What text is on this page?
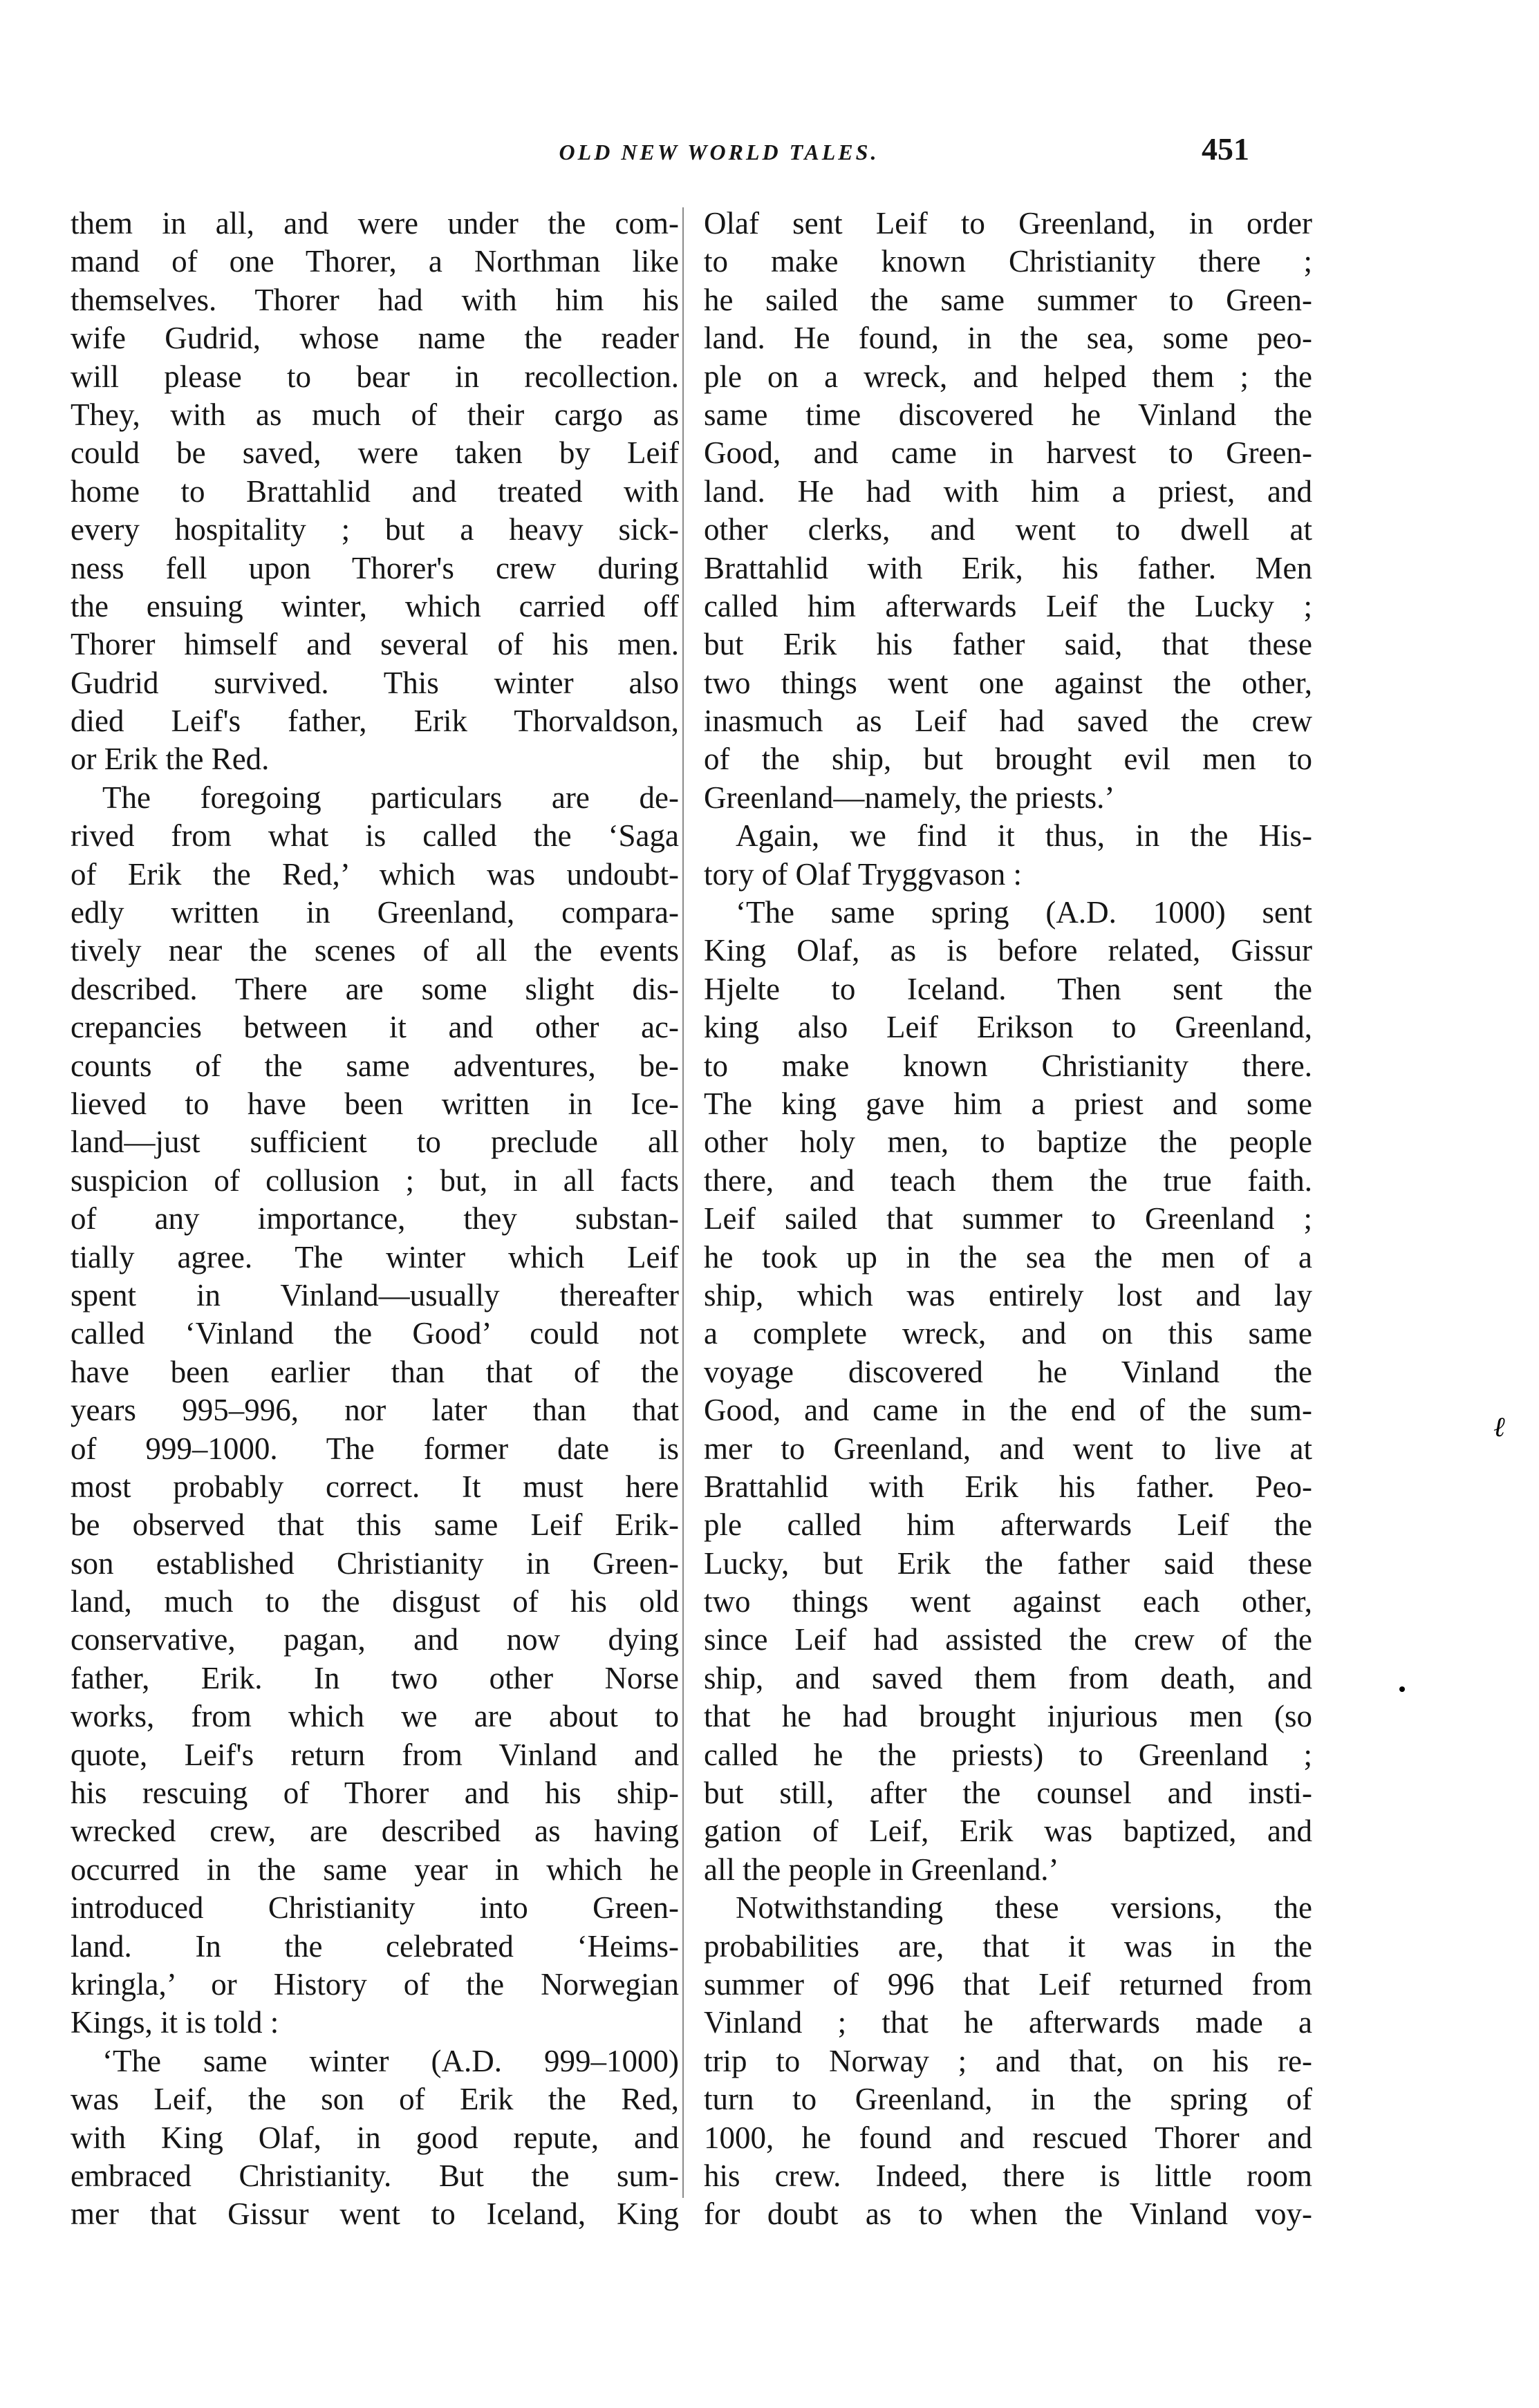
OLD NEW WORLD TALES.	451
them in all, and were under the com-
mand of one Thorer, a Northman like
themselves. Thorer had with him his
wife Gudrid, whose name the reader
will please to bear in recollection.
They, with as much of their cargo as
could be saved, were taken by Leif
home to Brattahlid and treated with
every hospitality ; but a heavy sick-
ness fell upon Thorer's crew during
the ensuing winter, which carried off
Thorer himself and several of his men.
Gudrid survived. This winter also
died Leif's father, Erik Thorvaldson,
or Erik the Red.
The foregoing particulars are de-
rived from what is called the ‘Saga
of Erik the Red,’ which was undoubt-
edly written in Greenland, compara-
tively near the scenes of all the events
described. There are some slight dis-
crepancies between it and other ac-
counts of the same adventures, be-
lieved to have been written in Ice-
land—just sufficient to preclude all
suspicion of collusion ; but, in all facts
of any importance, they substan-
tially agree. The winter which Leif
spent in Vinland—usually thereafter
called ‘Vinland the Good’ could not
have been earlier than that of the
years 995–996, nor later than that
of 999–1000. The former date is
most probably correct. It must here
be observed that this same Leif Erik-
son established Christianity in Green-
land, much to the disgust of his old
conservative, pagan, and now dying
father, Erik. In two other Norse
works, from which we are about to
quote, Leif's return from Vinland and
his rescuing of Thorer and his ship-
wrecked crew, are described as having
occurred in the same year in which he
introduced Christianity into Green-
land. In the celebrated ‘Heims-
kringla,’ or History of the Norwegian
Kings, it is told :
‘The same winter (A.D. 999–1000)
was Leif, the son of Erik the Red,
with King Olaf, in good repute, and
embraced Christianity. But the sum-
mer that Gissur went to Iceland, King
Olaf sent Leif to Greenland, in order
to make known Christianity there ;
he sailed the same summer to Green-
land. He found, in the sea, some peo-
ple on a wreck, and helped them ; the
same time discovered he Vinland the
Good, and came in harvest to Green-
land. He had with him a priest, and
other clerks, and went to dwell at
Brattahlid with Erik, his father. Men
called him afterwards Leif the Lucky ;
but Erik his father said, that these
two things went one against the other,
inasmuch as Leif had saved the crew
of the ship, but brought evil men to
Greenland—namely, the priests.’
Again, we find it thus, in the His-
tory of Olaf Tryggvason :
‘The same spring (A.D. 1000) sent
King Olaf, as is before related, Gissur
Hjelte to Iceland. Then sent the
king also Leif Erikson to Greenland,
to make known Christianity there.
The king gave him a priest and some
other holy men, to baptize the people
there, and teach them the true faith.
Leif sailed that summer to Greenland ;
he took up in the sea the men of a
ship, which was entirely lost and lay
a complete wreck, and on this same
voyage discovered he Vinland the
Good, and came in the end of the sum-
mer to Greenland, and went to live at
Brattahlid with Erik his father. Peo-
ple called him afterwards Leif the
Lucky, but Erik the father said these
two things went against each other,
since Leif had assisted the crew of the
ship, and saved them from death, and
that he had brought injurious men (so
called he the priests) to Greenland ;
but still, after the counsel and insti-
gation of Leif, Erik was baptized, and
all the people in Greenland.’
Notwithstanding these versions, the
probabilities are, that it was in the
summer of 996 that Leif returned from
Vinland ; that he afterwards made a
trip to Norway ; and that, on his re-
turn to Greenland, in the spring of
1000, he found and rescued Thorer and
his crew. Indeed, there is little room
for doubt as to when the Vinland voy-
ℓ
